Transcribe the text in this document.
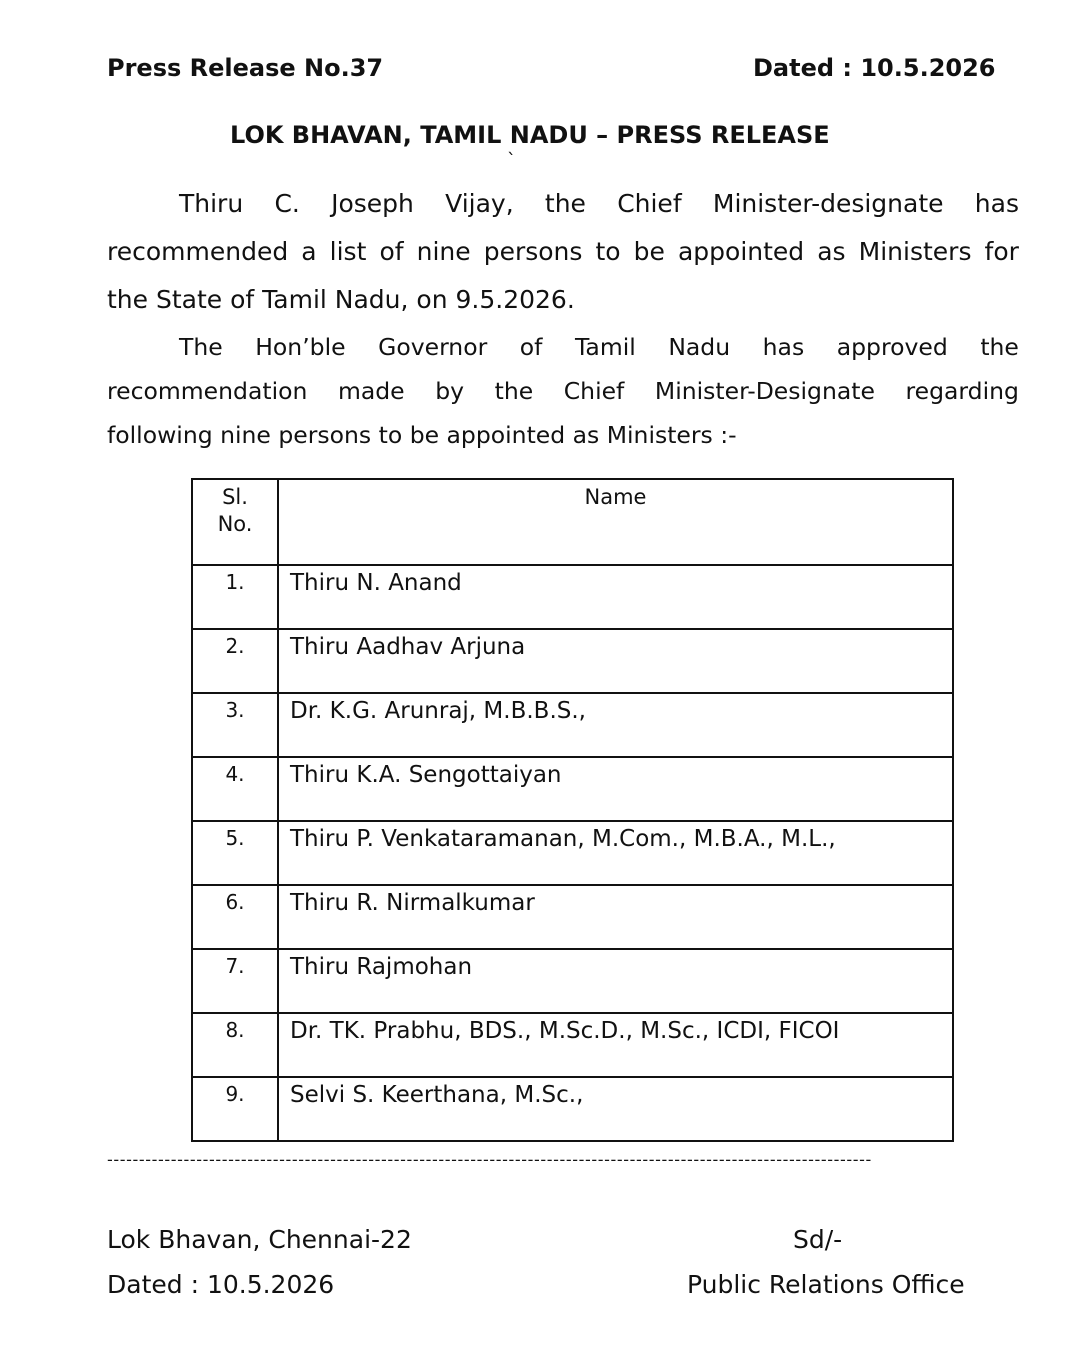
Press Release No.37	Dated : 10.5.2026
LOK BHAVAN, TAMIL NADU – PRESS RELEASE
`
Thiru C. Joseph Vijay, the Chief Minister-designate has
recommended a list of nine persons to be appointed as Ministers for
the State of Tamil Nadu, on 9.5.2026.
The Hon’ble Governor of Tamil Nadu has approved the
recommendation made by the Chief Minister-Designate regarding
following nine persons to be appointed as Ministers :-
Sl.
No.	Name
1.	Thiru N. Anand
2.	Thiru Aadhav Arjuna
3.	Dr. K.G. Arunraj, M.B.B.S.,
4.	Thiru K.A. Sengottaiyan
5.	Thiru P. Venkataramanan, M.Com., M.B.A., M.L.,
6.	Thiru R. Nirmalkumar
7.	Thiru Rajmohan
8.	Dr. TK. Prabhu, BDS., M.Sc.D., M.Sc., ICDI, FICOI
9.	Selvi S. Keerthana, M.Sc.,
------------------------------------------------------------------------------------------------------------------------
Lok Bhavan, Chennai-22
Dated : 10.5.2026
Sd/-
Public Relations Office
